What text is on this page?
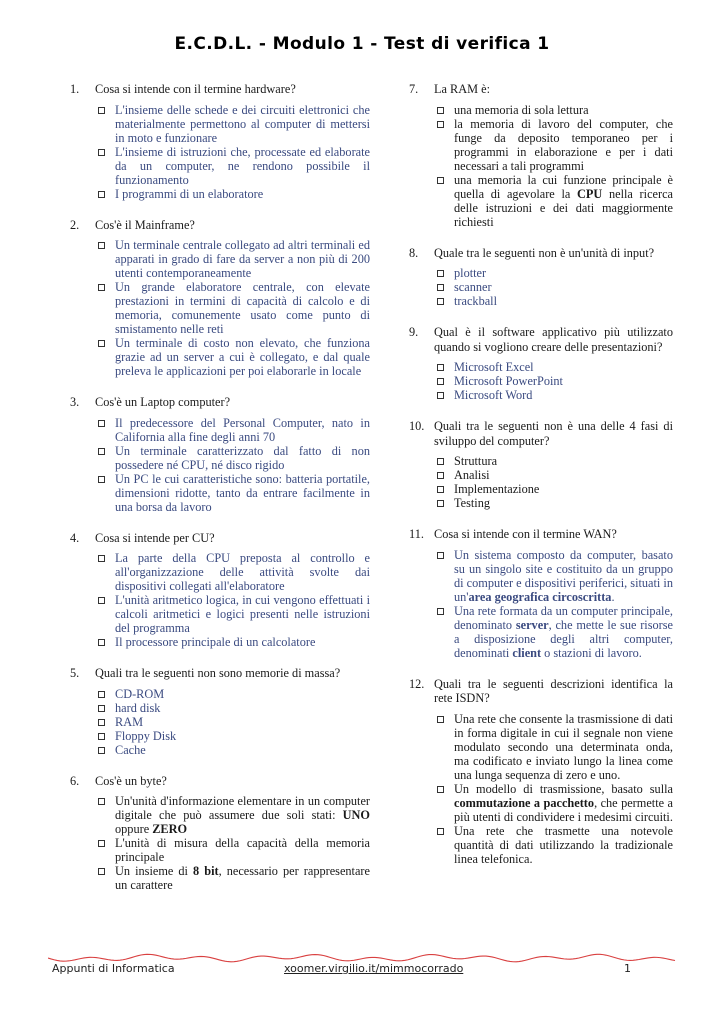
E.C.D.L. - Modulo 1 - Test di verifica 1
1.	Cosa si intende con il termine hardware?
L'insieme delle schede e dei circuiti elettronici che materialmente permettono al computer di mettersi in moto e funzionare
L'insieme di istruzioni che, processate ed elaborate da un computer, ne rendono possibile il funzionamento
I programmi di un elaboratore
2.	Cos'è il Mainframe?
Un terminale centrale collegato ad altri terminali ed apparati in grado di fare da server a non più di 200 utenti contemporaneamente
Un grande elaboratore centrale, con elevate prestazioni in termini di capacità di calcolo e di memoria, comunemente usato come punto di smistamento nelle reti
Un terminale di costo non elevato, che funziona grazie ad un server a cui è collegato, e dal quale preleva le applicazioni per poi elaborarle in locale
3.	Cos'è un Laptop computer?
Il predecessore del Personal Computer, nato in California alla fine degli anni 70
Un terminale caratterizzato dal fatto di non possedere né CPU, né disco rigido
Un PC le cui caratteristiche sono: batteria portatile, dimensioni ridotte, tanto da entrare facilmente in una borsa da lavoro
4.	Cosa si intende per CU?
La parte della CPU preposta al controllo e all'organizzazione delle attività svolte dai dispositivi collegati all'elaboratore
L'unità aritmetico logica, in cui vengono effettuati i calcoli aritmetici e logici presenti nelle istruzioni del programma
Il processore principale di un calcolatore
5.	Quali tra le seguenti non sono memorie di massa?
CD-ROM
hard disk
RAM
Floppy Disk
Cache
6.	Cos'è un byte?
Un'unità d'informazione elementare in un computer digitale che può assumere due soli stati: UNO oppure ZERO
L'unità di misura della capacità della memoria principale
Un insieme di 8 bit, necessario per rappresentare un carattere
7.	La RAM è:
una memoria di sola lettura
la memoria di lavoro del computer, che funge da deposito temporaneo per i programmi in elaborazione e per i dati necessari a tali programmi
una memoria la cui funzione principale è quella di agevolare la CPU nella ricerca delle istruzioni e dei dati maggiormente richiesti
8.	Quale tra le seguenti non è un'unità di input?
plotter
scanner
trackball
9.	Qual è il software applicativo più utilizzato quando si vogliono creare delle presentazioni?
Microsoft Excel
Microsoft PowerPoint
Microsoft Word
10. Quali tra le seguenti non è una delle 4 fasi di sviluppo del computer?
Struttura
Analisi
Implementazione
Testing
11. Cosa si intende con il termine WAN?
Un sistema composto da computer, basato su un singolo site e costituito da un gruppo di computer e dispositivi periferici, situati in un'area geografica circoscritta.
Una rete formata da un computer principale, denominato server, che mette le sue risorse a disposizione degli altri computer, denominati client o stazioni di lavoro.
12. Quali tra le seguenti descrizioni identifica la rete ISDN?
Una rete che consente la trasmissione di dati in forma digitale in cui il segnale non viene modulato secondo una determinata onda, ma codificato e inviato lungo la linea come una lunga sequenza di zero e uno.
Un modello di trasmissione, basato sulla commutazione a pacchetto, che permette a più utenti di condividere i medesimi circuiti.
Una rete che trasmette una notevole quantità di dati utilizzando la tradizionale linea telefonica.
Appunti di Informatica	xoomer.virgilio.it/mimmocorrado	1
